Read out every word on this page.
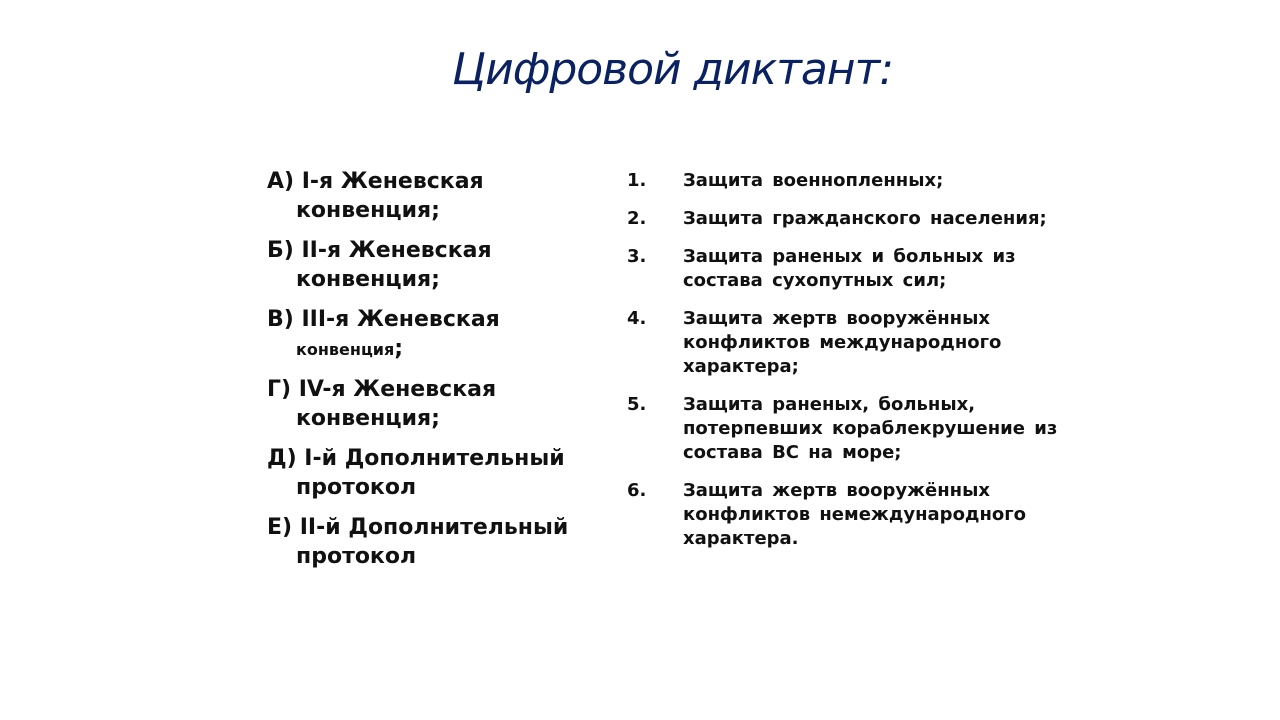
Цифровой диктант:
А) I-я Женевская конвенция;
Б) II-я Женевская конвенция;
В) III-я Женевская конвенция;
Г) IV-я Женевская конвенция;
Д) I-й Дополнительный протокол
Е) II-й Дополнительный протокол
1. Защита военнопленных;
2. Защита гражданского населения;
3. Защита раненых и больных из состава сухопутных сил;
4. Защита жертв вооружённых конфликтов международного характера;
5. Защита раненых, больных, потерпевших кораблекрушение из состава ВС на море;
6. Защита жертв вооружённых конфликтов немеждународного характера.
